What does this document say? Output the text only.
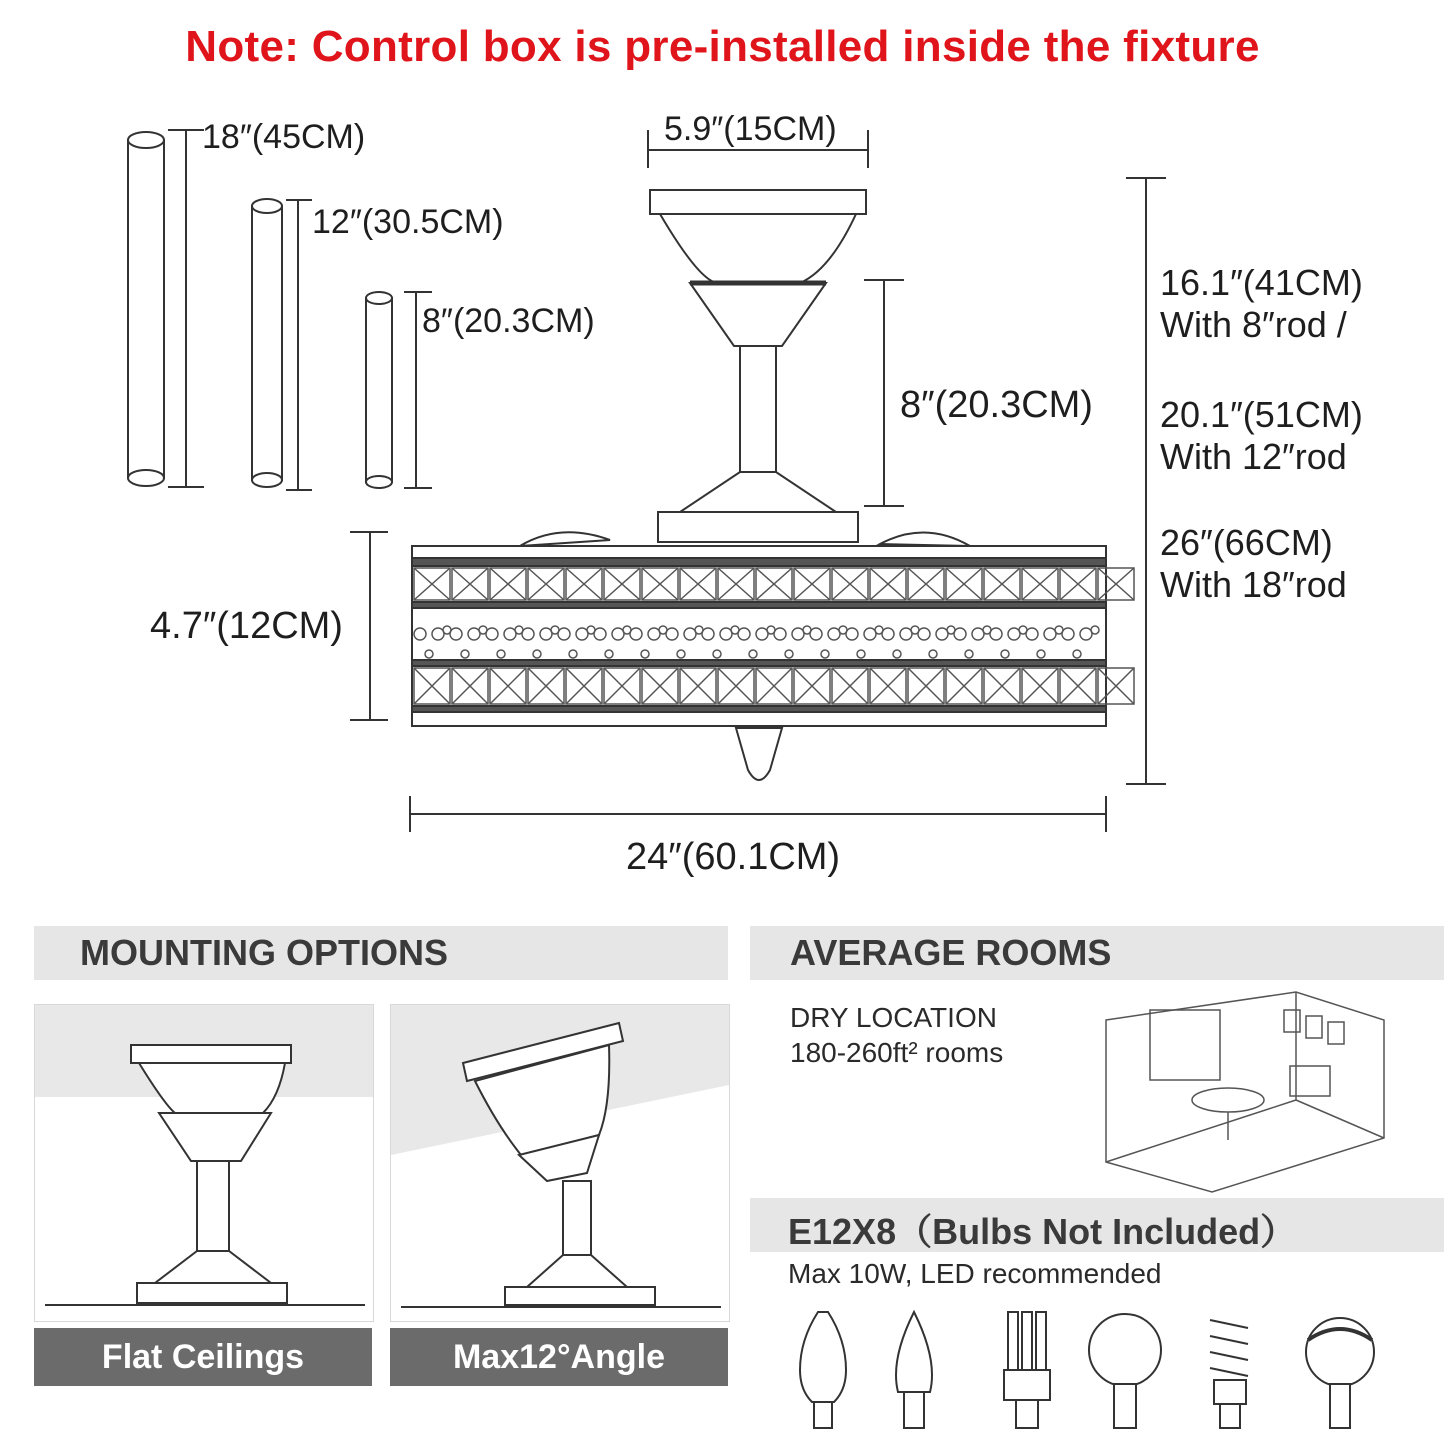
Note: Control box is pre-installed inside the fixture
18″(45CM)
12″(30.5CM)
8″(20.3CM)
5.9″(15CM)
8″(20.3CM)
4.7″(12CM)
24″(60.1CM)
16.1″(41CM)
With 8″rod /
20.1″(51CM)
With 12″rod
26″(66CM)
With 18″rod
MOUNTING OPTIONS
Flat Ceilings	Max12°Angle
AVERAGE ROOMS
DRY LOCATION
180-260ft² rooms
E12X8（Bulbs Not Included）
Max 10W, LED recommended
